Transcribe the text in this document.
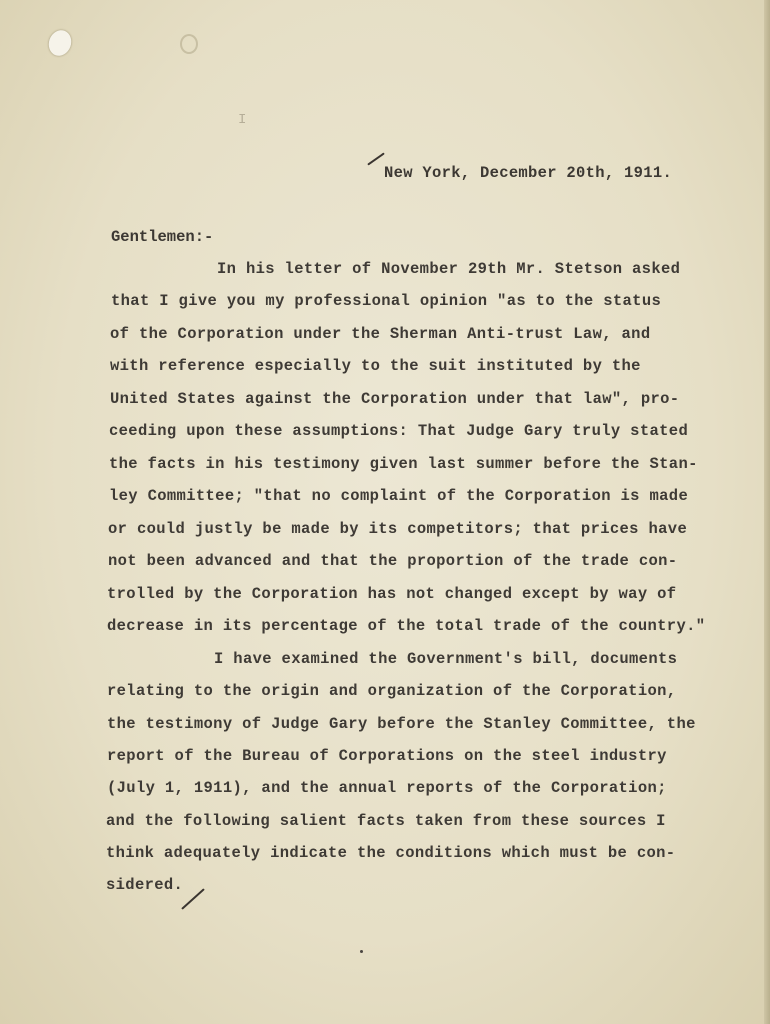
I
New York, December 20th, 1911.
Gentlemen:-
In his letter of November 29th Mr. Stetson asked
that I give you my professional opinion "as to the status
of the Corporation under the Sherman Anti-trust Law, and
with reference especially to the suit instituted by the
United States against the Corporation under that law", pro-
ceeding upon these assumptions: That Judge Gary truly stated
the facts in his testimony given last summer before the Stan-
ley Committee; "that no complaint of the Corporation is made
or could justly be made by its competitors; that prices have
not been advanced and that the proportion of the trade con-
trolled by the Corporation has not changed except by way of
decrease in its percentage of the total trade of the country."
I have examined the Government's bill, documents
relating to the origin and organization of the Corporation,
the testimony of Judge Gary before the Stanley Committee, the
report of the Bureau of Corporations on the steel industry
(July 1, 1911), and the annual reports of the Corporation;
and the following salient facts taken from these sources I
think adequately indicate the conditions which must be con-
sidered.
